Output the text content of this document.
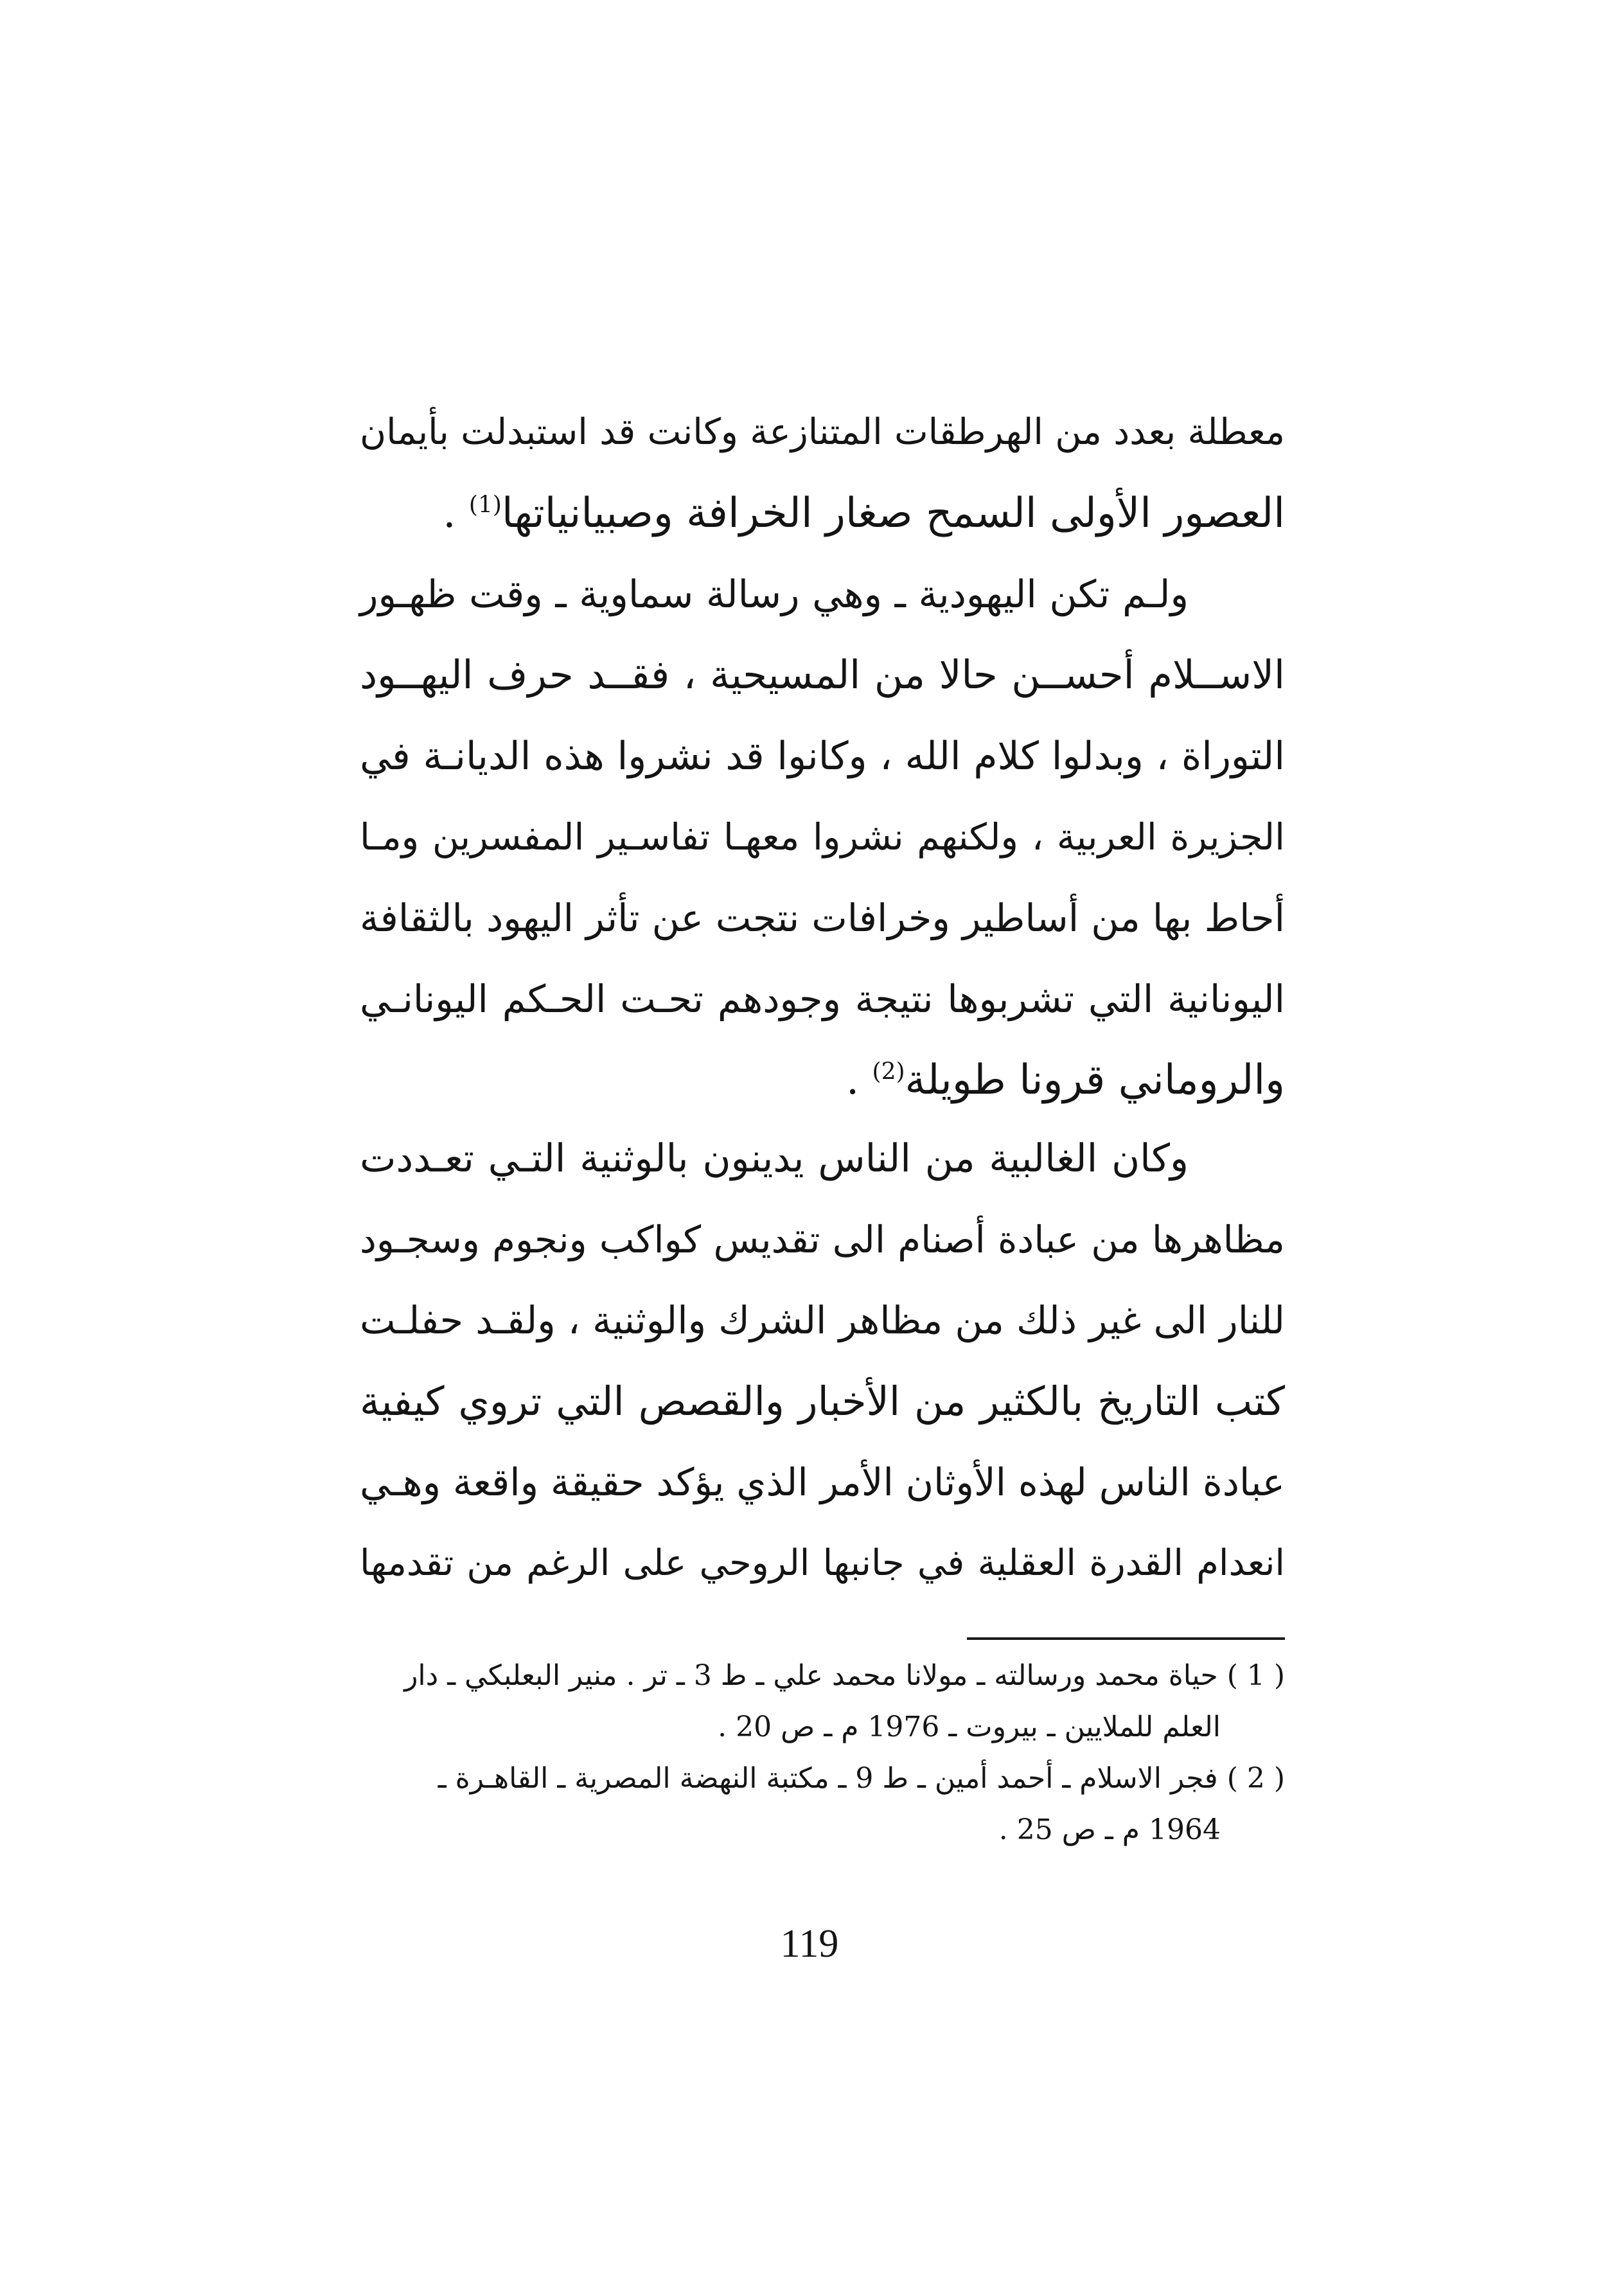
معطلة بعدد من الهرطقات المتنازعة وكانت قد استبدلت بأيمان
العصور الأولى السمح صغار الخرافة وصبيانياتها$^{(1)}$ .
ولـم تكن اليهودية ـ وهي رسالة سماوية ـ وقت ظهـور
الاســلام أحســن حالا من المسيحية ، فقــد حرف اليهــود
التوراة ، وبدلوا كلام الله ، وكانوا قد نشروا هذه الديانـة في
الجزيرة العربية ، ولكنهم نشروا معهـا تفاسـير المفسرين ومـا
أحاط بها من أساطير وخرافات نتجت عن تأثر اليهود بالثقافة
اليونانية التي تشربوها نتيجة وجودهم تحـت الحـكم اليونانـي
والروماني قرونا طويلة$^{(2)}$ .
وكان الغالبية من الناس يدينون بالوثنية التـي تعـددت
مظاهرها من عبادة أصنام الى تقديس كواكب ونجوم وسجـود
للنار الى غير ذلك من مظاهر الشرك والوثنية ، ولقـد حفلـت
كتب التاريخ بالكثير من الأخبار والقصص التي تروي كيفية
عبادة الناس لهذه الأوثان الأمر الذي يؤكد حقيقة واقعة وهـي
انعدام القدرة العقلية في جانبها الروحي على الرغم من تقدمها
( 1 ) حياة محمد ورسالته ـ مولانا محمد علي ـ ط 3 ـ تر . منير البعلبكي ـ دار
العلم للملايين ـ بيروت ـ 1976 م ـ ص 20 .
( 2 ) فجر الاسلام ـ أحمد أمين ـ ط 9 ـ مكتبة النهضة المصرية ـ القاهـرة ـ
1964 م ـ ص 25 .
119
